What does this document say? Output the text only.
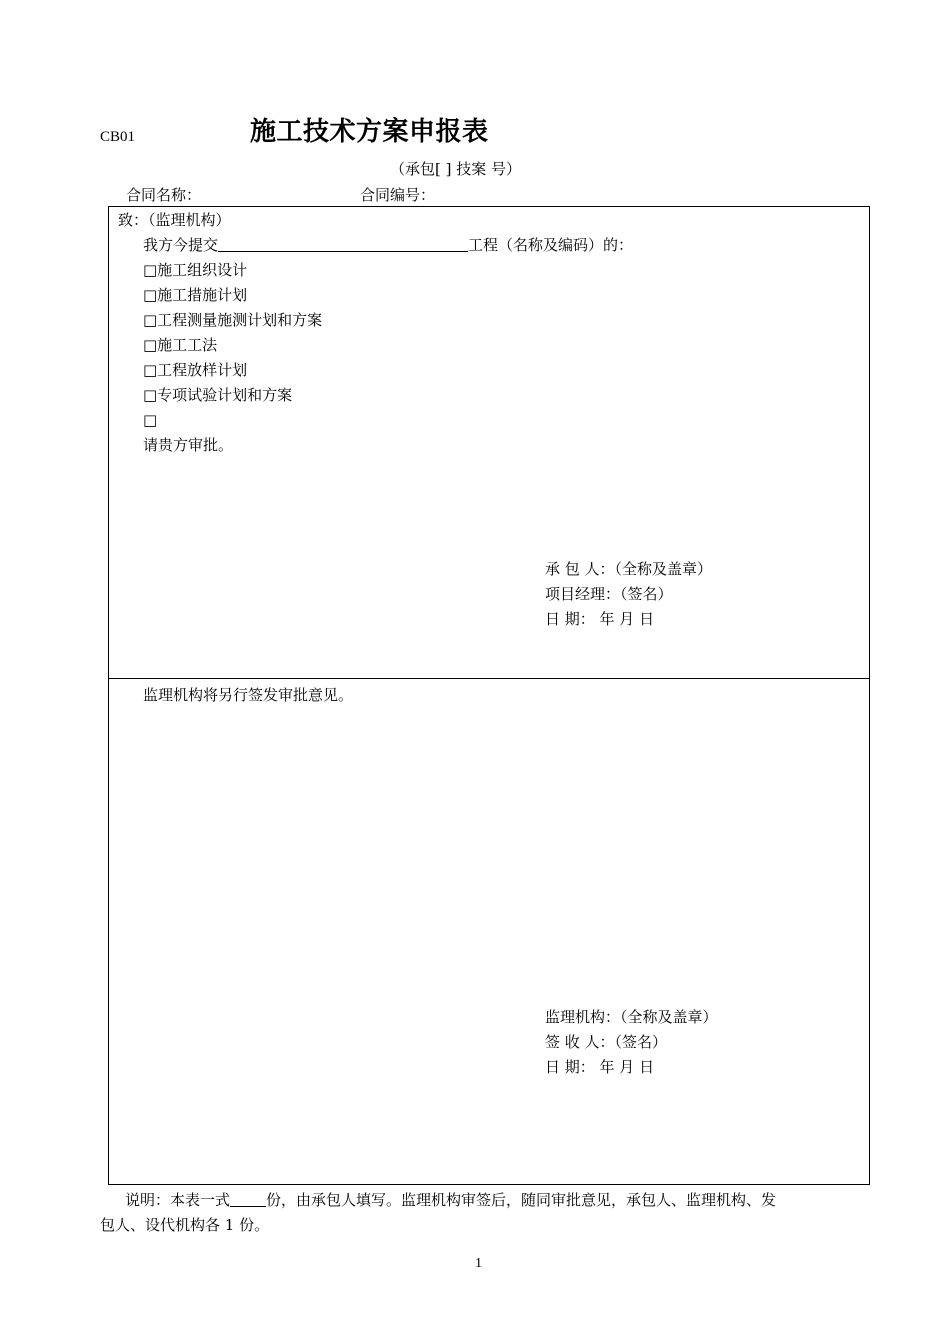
CB01	施工技术方案申报表
（承包[ ] 技案 号）
合同名称：	合同编号：
致：（监理机构）
我方今提交	工程（名称及编码）的：
□施工组织设计
□施工措施计划
□工程测量施测计划和方案
□施工工法
□工程放样计划
□专项试验计划和方案
□
请贵方审批。
承 包 人：（全称及盖章）
项目经理：（签名）
日 期： 年 月 日
监理机构将另行签发审批意见。
监理机构：（全称及盖章）
签 收 人：（签名）
日 期： 年 月 日
说明：本表一式 份，由承包人填写。监理机构审签后，随同审批意见，承包人、监理机构、发
包人、设代机构各 1 份。
1
